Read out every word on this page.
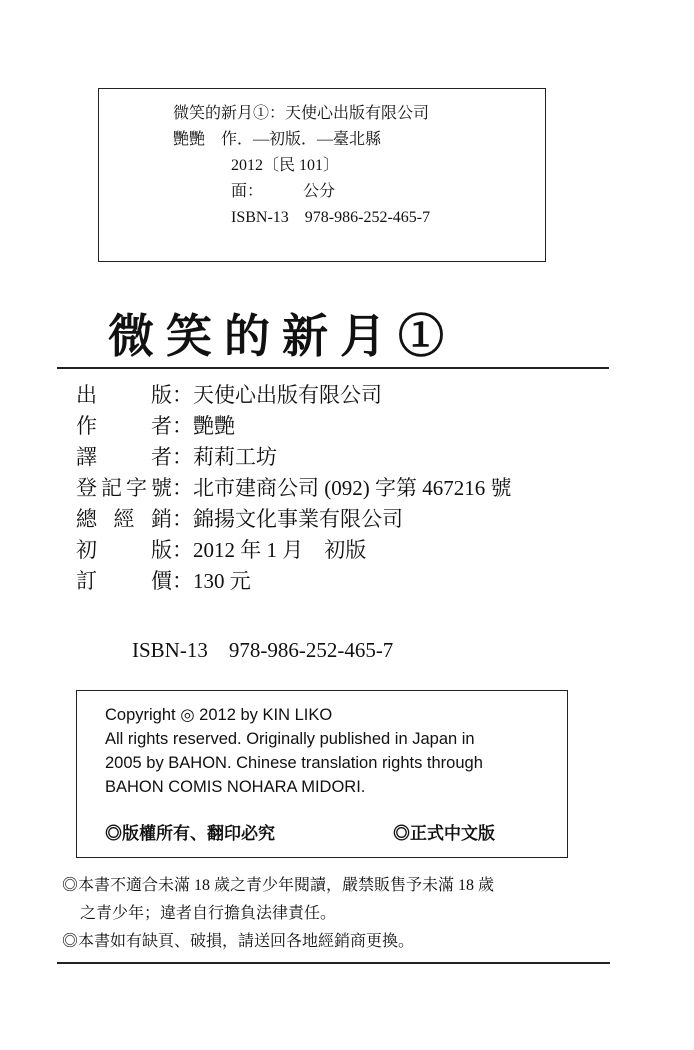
微笑的新月①：天使心出版有限公司
艷艷　作．—初版．—臺北縣
2012〔民 101〕
面：　　　公分
ISBN-13　978-986-252-465-7
微笑的新月①
出	版 ： 天使心出版有限公司
作	者 ： 艷艷
譯	者 ： 莉莉工坊
登 記 字 號 ： 北市建商公司 (092) 字第 467216 號
總 經 銷 ： 錦揚文化事業有限公司
初	版 ： 2012 年 1 月　初版
訂	價 ： 130 元
ISBN-13　978-986-252-465-7
Copyright ◎ 2012 by KIN LIKO
All rights reserved. Originally published in Japan in
2005 by BAHON. Chinese translation rights through
BAHON COMIS NOHARA MIDORI.
◎版權所有、翻印必究	◎正式中文版
◎本書不適合未滿 18 歲之青少年閱讀，嚴禁販售予未滿 18 歲
之青少年；違者自行擔負法律責任。
◎本書如有缺頁、破損，請送回各地經銷商更換。
